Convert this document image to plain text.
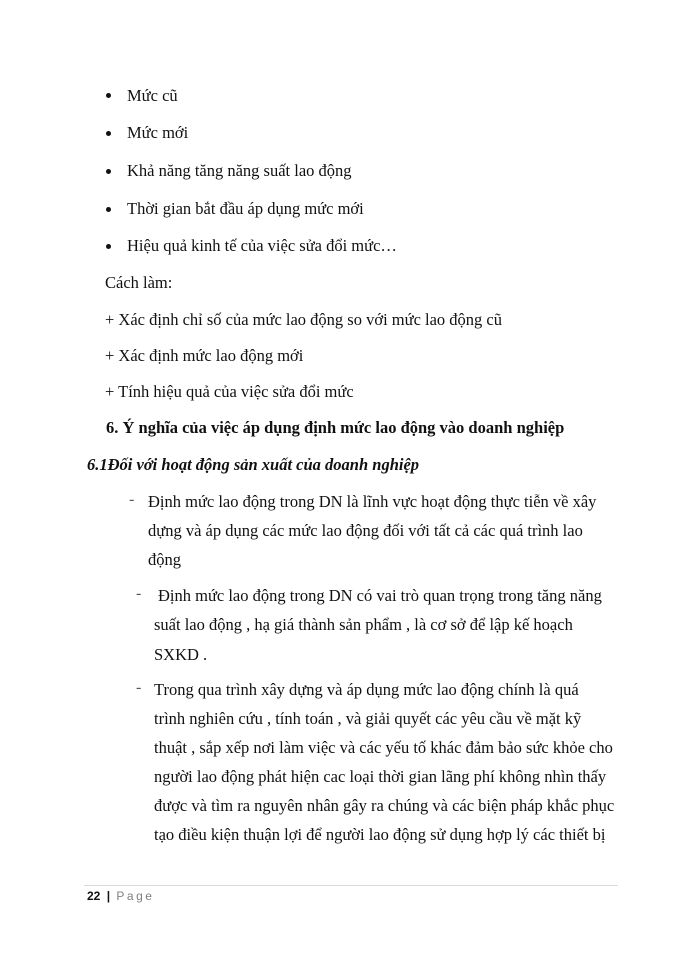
Mức cũ
Mức mới
Khả năng tăng năng suất lao động
Thời gian bắt đầu áp dụng mức mới
Hiệu quả kinh tế của việc sửa đổi mức…
Cách làm:
+ Xác định chỉ số của mức lao động so với mức lao động cũ
+ Xác định mức lao động mới
+ Tính hiệu quả của việc sửa đổi mức
6. Ý nghĩa của việc áp dụng định mức lao động vào doanh nghiệp
6.1Đối với hoạt động sản xuất của doanh nghiệp
- Định mức lao động trong DN là lĩnh vực hoạt động thực tiễn về xây
dựng và áp dụng các mức lao động đối với tất cả các quá trình lao
động
- Định mức lao động trong DN có vai trò quan trọng trong tăng năng
suất lao động , hạ giá thành sản phẩm , là cơ sở để lập kế hoạch
SXKD .
- Trong qua trình xây dựng và áp dụng mức lao động chính là quá
trình nghiên cứu , tính toán , và giải quyết các yêu cầu về mặt kỹ
thuật , sắp xếp nơi làm việc và các yếu tố khác đảm bảo sức khỏe cho
người lao động phát hiện cac loại thời gian lãng phí không nhìn thấy
được và tìm ra nguyên nhân gây ra chúng và các biện pháp khắc phục
tạo điều kiện thuận lợi để người lao động sử dụng hợp lý các thiết bị
22 | Page
